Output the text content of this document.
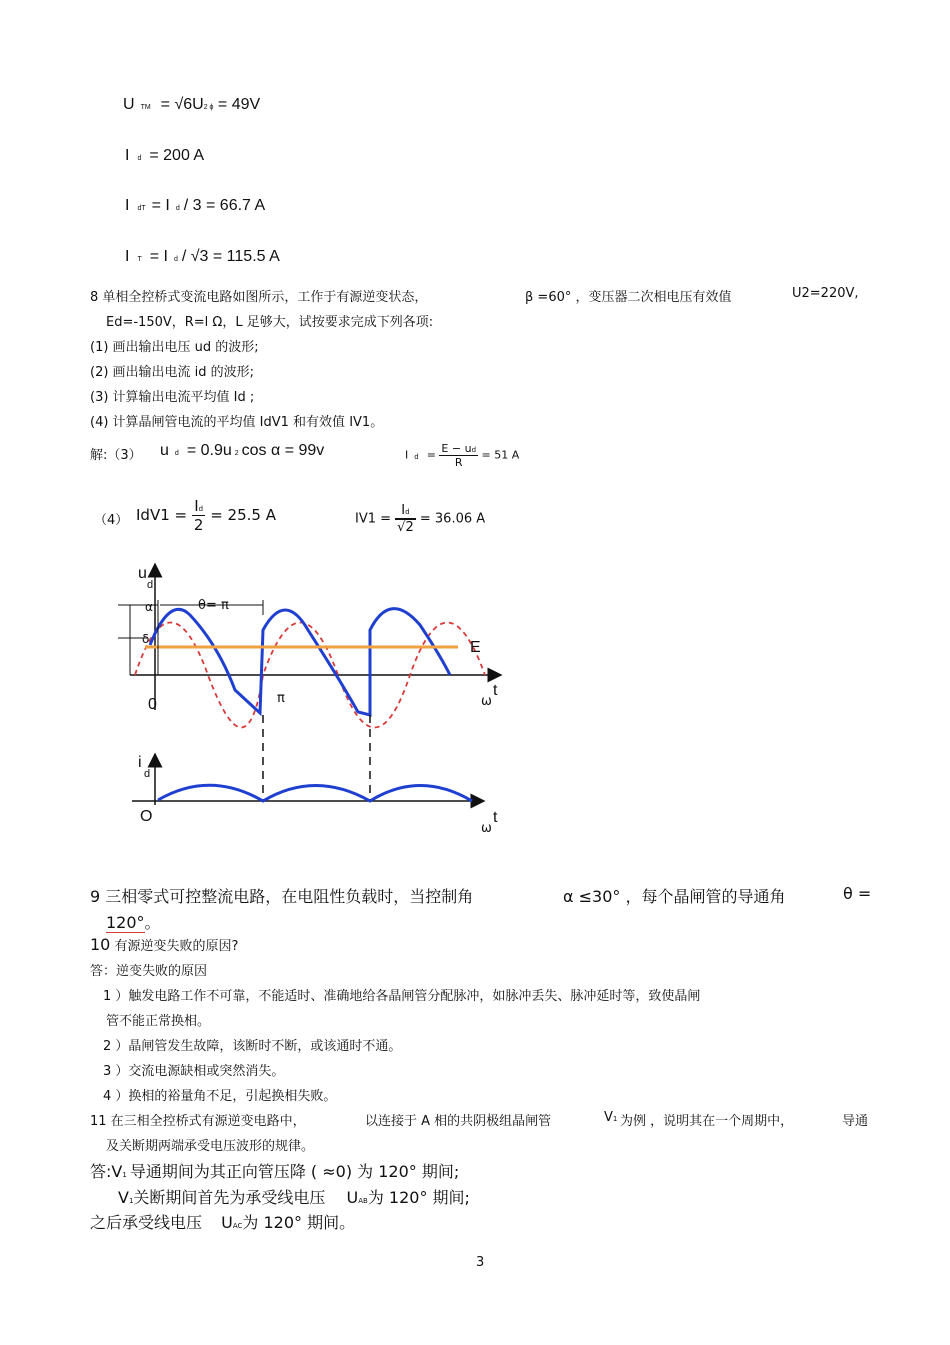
UTM = √6U2 ϕ = 49V
I d = 200 A
I dT = I d / 3 = 66.7 A
I T = I d / √3 = 115.5 A
8 单相全控桥式变流电路如图所示，工作于有源逆变状态，	β =60° ，变压器二次相电压有效值	U2=220V,
Ed=-150V，R=l Ω，L 足够大，试按要求完成下列各项:
(1) 画出输出电压 ud 的波形;
(2) 画出输出电流 id 的波形;
(3) 计算输出电流平均值 Id ;
(4) 计算晶闸管电流的平均值 IdV1 和有效值 IV1。
解:（3） ud = 0.9u 2 cos α = 99v	$Id = \frac{E - ud}{R} = 51$ A
（4） $IdV1 = \frac{Id}{2} = 25.5$ A	$IV1 = \frac{Id}{√2} = 36.06$ A
u
d
α	θ= π
δ	E
0	π	ω
t
i
d
O
ω
t
9 三相零式可控整流电路，在电阻性负载时，当控制角	α ≤30° ，每个晶闸管的导通角	θ =
120°。
10 有源逆变失败的原因?
答：逆变失败的原因
1 ）触发电路工作不可靠，不能适时、准确地给各晶闸管分配脉冲，如脉冲丢失、脉冲延时等，致使晶闸
管不能正常换相。
2 ）晶闸管发生故障，该断时不断，或该通时不通。
3 ）交流电源缺相或突然消失。
4 ）换相的裕量角不足，引起换相失败。
11 在三相全控桥式有源逆变电路中，	以连接于 A 相的共阴极组晶闸管	V1 为例 ，说明其在一个周期中，	导通
及关断期两端承受电压波形的规律。
答:V1 导通期间为其正向管压降 ( ≈0) 为 120° 期间;
V1关断期间首先为承受线电压 UAB为 120° 期间;
之后承受线电压 UAC为 120° 期间。
3
